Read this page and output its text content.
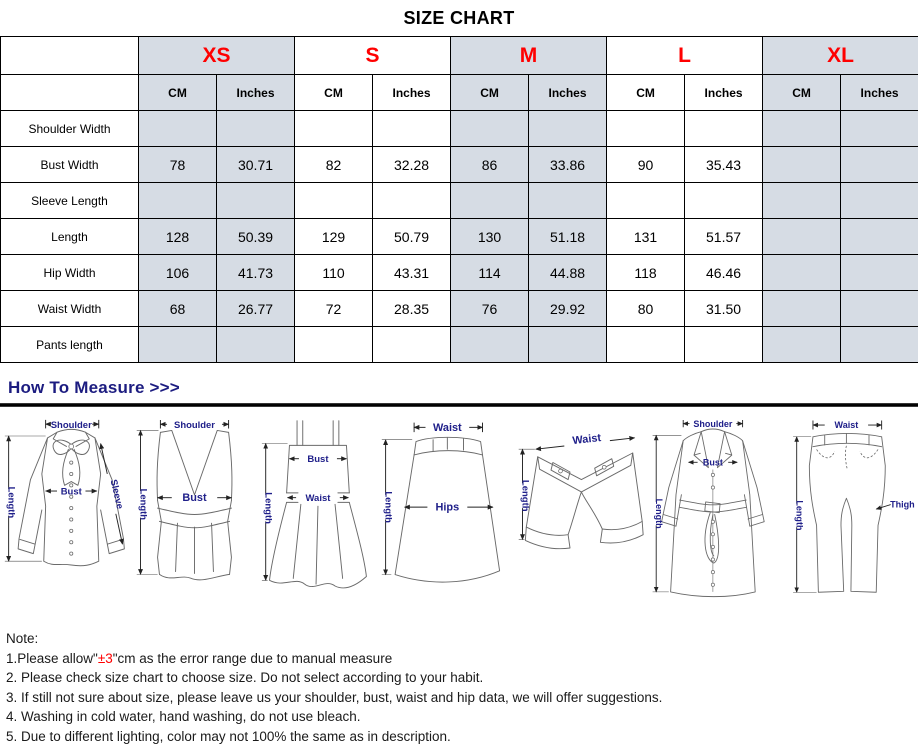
SIZE CHART
	XS		S		M		L		XL	
	CM	Inches	CM	Inches	CM	Inches	CM	Inches	CM	Inches
Shoulder Width										
Bust Width	78	30.71	82	32.28	86	33.86	90	35.43		
Sleeve Length										
Length	128	50.39	129	50.79	130	51.18	131	51.57		
Hip Width	106	41.73	110	43.31	114	44.88	118	46.46		
Waist Width	68	26.77	72	28.35	76	29.92	80	31.50		
Pants length										
How To Measure >>>
Shoulder
Bust
Length	Sleeve
Shoulder
Bust
Length
Bust
Waist
Length
Waist
Hips
Length
Waist
Length
Shoulder
Bust
Length
Waist
Thigh
Length
Note:
1.Please allow"±3"cm as the error range due to manual measure
2. Please check size chart to choose size. Do not select according to your habit.
3. If still not sure about size, please leave us your shoulder, bust, waist and hip data, we will offer suggestions.
4. Washing in cold water, hand washing, do not use bleach.
5. Due to different lighting, color may not 100% the same as in description.
